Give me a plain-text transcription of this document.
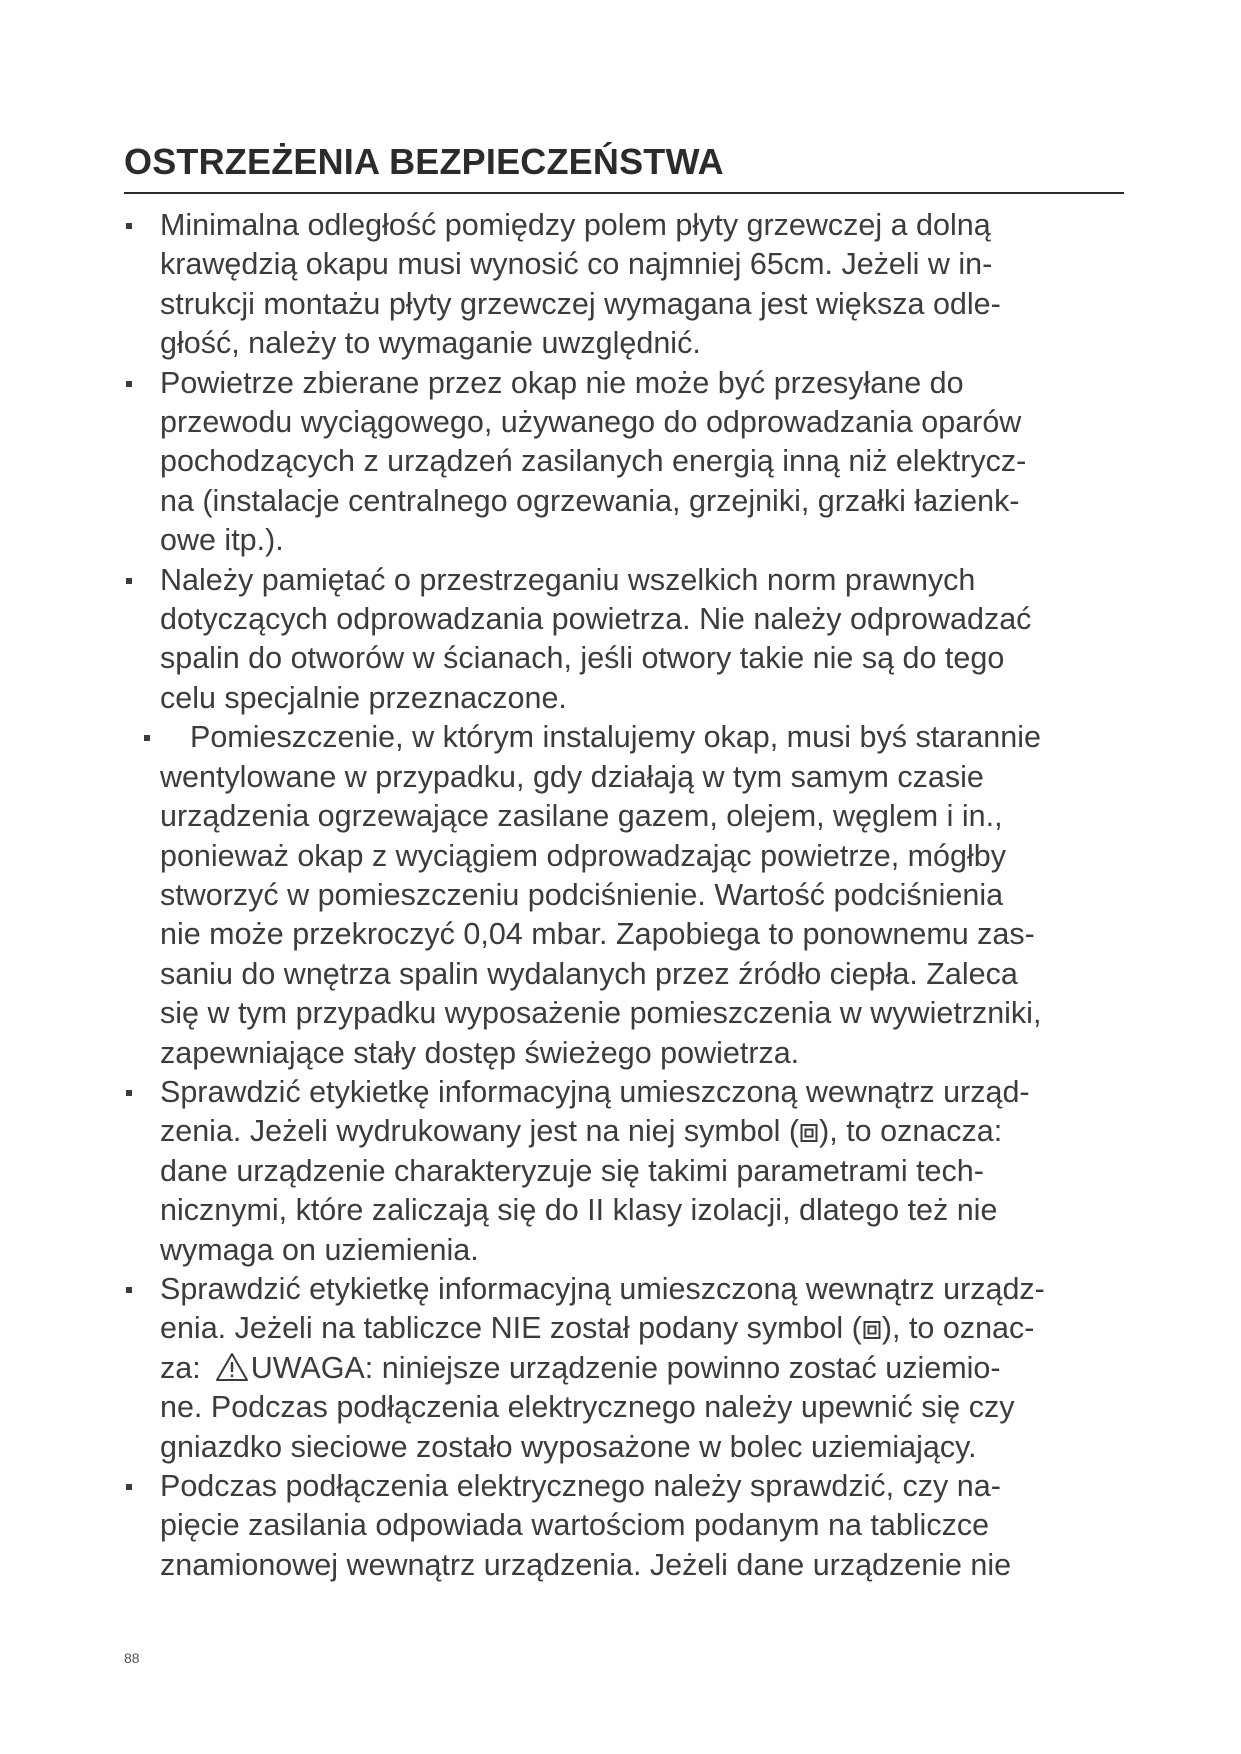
OSTRZEŻENIA BEZPIECZEŃSTWA
Minimalna odległość pomiędzy polem płyty grzewczej a dolną
krawędzią okapu musi wynosić co najmniej 65cm. Jeżeli w in-
strukcji montażu płyty grzewczej wymagana jest większa odle-
głość, należy to wymaganie uwzględnić.
Powietrze zbierane przez okap nie może być przesyłane do
przewodu wyciągowego, używanego do odprowadzania oparów
pochodzących z urządzeń zasilanych energią inną niż elektrycz-
na (instalacje centralnego ogrzewania, grzejniki, grzałki łazienk-
owe itp.).
Należy pamiętać o przestrzeganiu wszelkich norm prawnych
dotyczących odprowadzania powietrza. Nie należy odprowadzać
spalin do otworów w ścianach, jeśli otwory takie nie są do tego
celu specjalnie przeznaczone.
Pomieszczenie, w którym instalujemy okap, musi byś starannie
wentylowane w przypadku, gdy działają w tym samym czasie
urządzenia ogrzewające zasilane gazem, olejem, węglem i in.,
ponieważ okap z wyciągiem odprowadzając powietrze, mógłby
stworzyć w pomieszczeniu podciśnienie. Wartość podciśnienia
nie może przekroczyć 0,04 mbar. Zapobiega to ponownemu zas-
saniu do wnętrza spalin wydalanych przez źródło ciepła. Zaleca
się w tym przypadku wyposażenie pomieszczenia w wywietrzniki,
zapewniające stały dostęp świeżego powietrza.
Sprawdzić etykietkę informacyjną umieszczoną wewnątrz urząd-
zenia. Jeżeli wydrukowany jest na niej symbol ( ), to oznacza:
dane urządzenie charakteryzuje się takimi parametrami tech-
nicznymi, które zaliczają się do II klasy izolacji, dlatego też nie
wymaga on uziemienia.
Sprawdzić etykietkę informacyjną umieszczoną wewnątrz urządz-
enia. Jeżeli na tabliczce NIE został podany symbol ( ), to oznac-
za: UWAGA: niniejsze urządzenie powinno zostać uziemio-
ne. Podczas podłączenia elektrycznego należy upewnić się czy
gniazdko sieciowe zostało wyposażone w bolec uziemiający.
Podczas podłączenia elektrycznego należy sprawdzić, czy na-
pięcie zasilania odpowiada wartościom podanym na tabliczce
znamionowej wewnątrz urządzenia. Jeżeli dane urządzenie nie
88
